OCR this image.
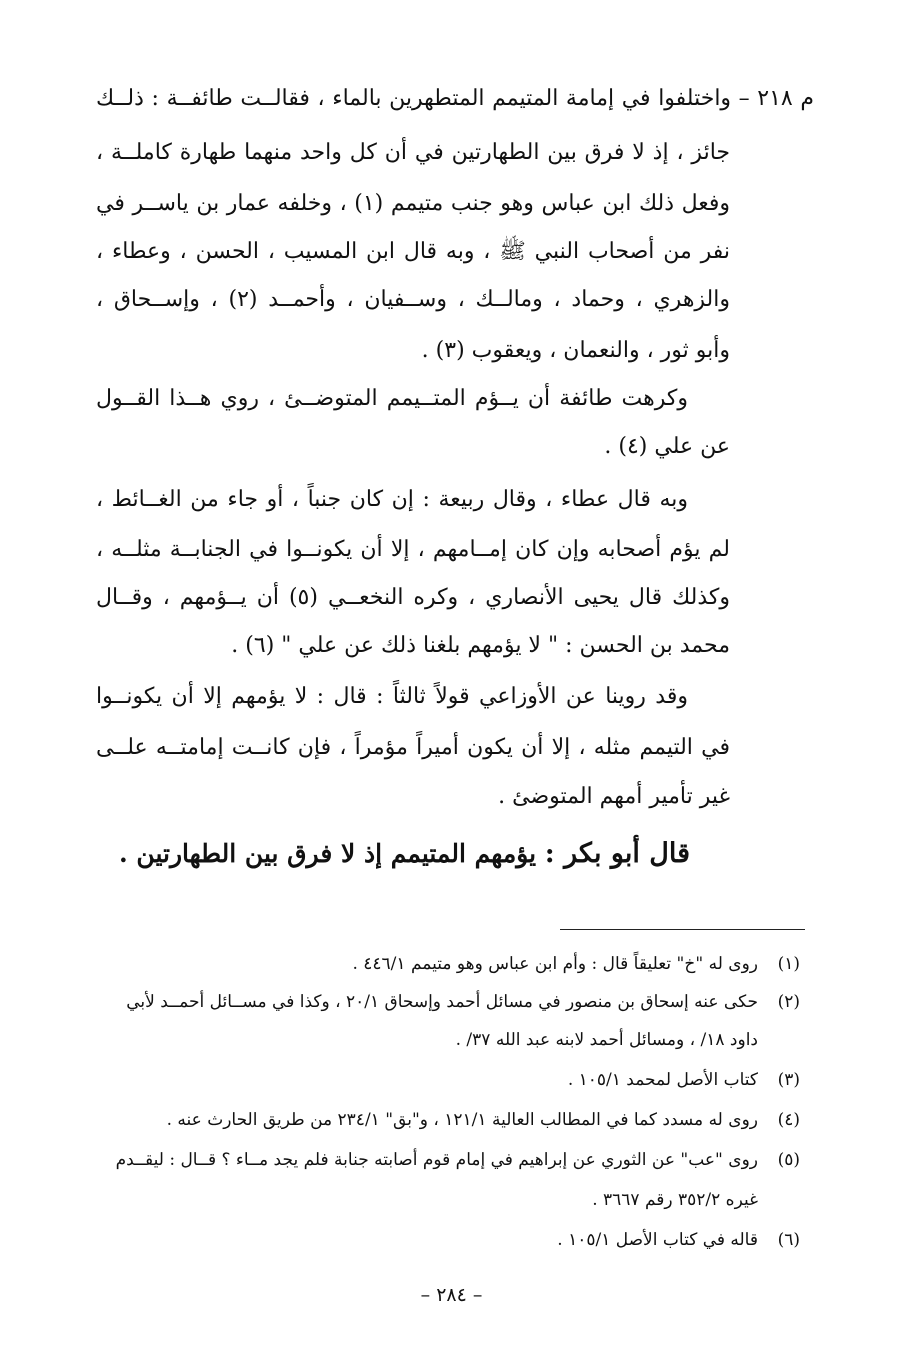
م ٢١٨ – واختلفوا في إمامة المتيمم المتطهرين بالماء ، فقالــت طائفــة : ذلــك
جائز ، إذ لا فرق بين الطهارتين في أن كل واحد منهما طهارة كاملــة ،
وفعل ذلك ابن عباس وهو جنب متيمم (١) ، وخلفه عمار بن ياســر في
نفر من أصحاب النبي ﷺ ، وبه قال ابن المسيب ، الحسن ، وعطاء ،
والزهري ، وحماد ، ومالــك ، وســفيان ، وأحمــد (٢) ، وإســحاق ،
وأبو ثور ، والنعمان ، ويعقوب (٣) .
وكرهت طائفة أن يــؤم المتــيمم المتوضــئ ، روي هــذا القــول
عن علي (٤) .
وبه قال عطاء ، وقال ربيعة : إن كان جنباً ، أو جاء من الغــائط ،
لم يؤم أصحابه وإن كان إمــامهم ، إلا أن يكونــوا في الجنابــة مثلــه ،
وكذلك قال يحيى الأنصاري ، وكره النخعــي (٥) أن يــؤمهم ، وقــال
محمد بن الحسن : " لا يؤمهم بلغنا ذلك عن علي " (٦) .
وقد روينا عن الأوزاعي قولاً ثالثاً : قال : لا يؤمهم إلا أن يكونــوا
في التيمم مثله ، إلا أن يكون أميراً مؤمراً ، فإن كانــت إمامتــه علــى
غير تأمير أمهم المتوضئ .
قال أبو بكر : يؤمهم المتيمم إذ لا فرق بين الطهارتين .
(١)روى له "خ" تعليقاً قال : وأم ابن عباس وهو متيمم ٤٤٦/١ .
(٢)حكى عنه إسحاق بن منصور في مسائل أحمد وإسحاق ٢٠/١ ، وكذا في مســائل أحمــد لأبي
داود ١٨/ ، ومسائل أحمد لابنه عبد الله ٣٧/ .
(٣)كتاب الأصل لمحمد ١٠٥/١ .
(٤)روى له مسدد كما في المطالب العالية ١٢١/١ ، و"بق" ٢٣٤/١ من طريق الحارث عنه .
(٥)روى "عب" عن الثوري عن إبراهيم في إمام قوم أصابته جنابة فلم يجد مــاء ؟ قــال : ليقــدم
غيره ٣٥٢/٢ رقم ٣٦٦٧ .
(٦)قاله في كتاب الأصل ١٠٥/١ .
– ٢٨٤ –
